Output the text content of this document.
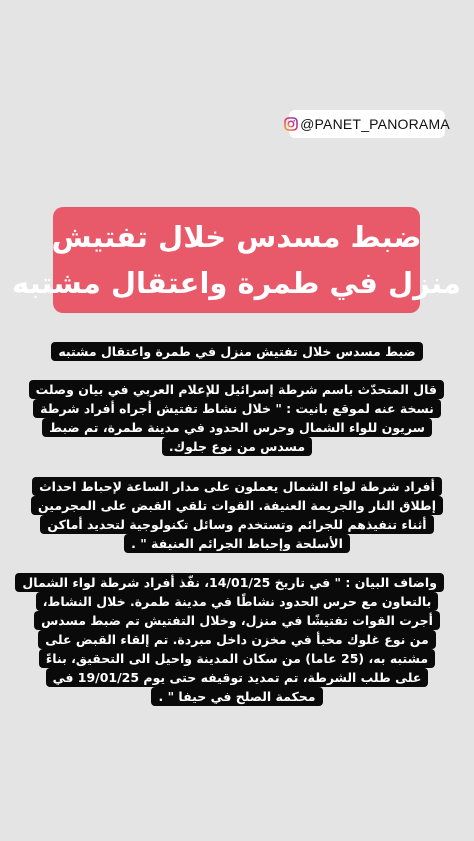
@PANET_PANORAMA
ضبط مسدس خلال تفتيش
منزل في طمرة واعتقال مشتبه
ضبط مسدس خلال تفتيش منزل في طمرة واعتقال مشتبه
قال المتحدّث باسم شرطة إسرائيل للإعلام العربي في بيان وصلت
نسخة عنه لموقع بانيت : " خلال نشاط تفتيش أجراه أفراد شرطة
سريون للواء الشمال وحرس الحدود في مدينة طمرة، تم ضبط
مسدس من نوع جلوك.
أفراد شرطة لواء الشمال يعملون على مدار الساعة لإحباط احداث
إطلاق النار والجريمة العنيفة. القوات تلقي القبض على المجرمين
أثناء تنفيذهم للجرائم وتستخدم وسائل تكنولوجية لتحديد أماكن
الأسلحة وإحباط الجرائم العنيفة " .
واضاف البيان : " في تاريخ 14/01/25، نفّذ أفراد شرطة لواء الشمال
بالتعاون مع حرس الحدود نشاطًا في مدينة طمرة. خلال النشاط،
أجرت القوات تفتيشًا في منزل، وخلال التفتيش تم ضبط مسدس
من نوع غلوك مخبأ في مخزن داخل مبردة. تم إلقاء القبض على
مشتبه به، (25 عاما) من سكان المدينة واحيل الى التحقيق، بناءً
على طلب الشرطة، تم تمديد توقيفه حتى يوم 19/01/25 في
محكمة الصلح في حيفا " .
